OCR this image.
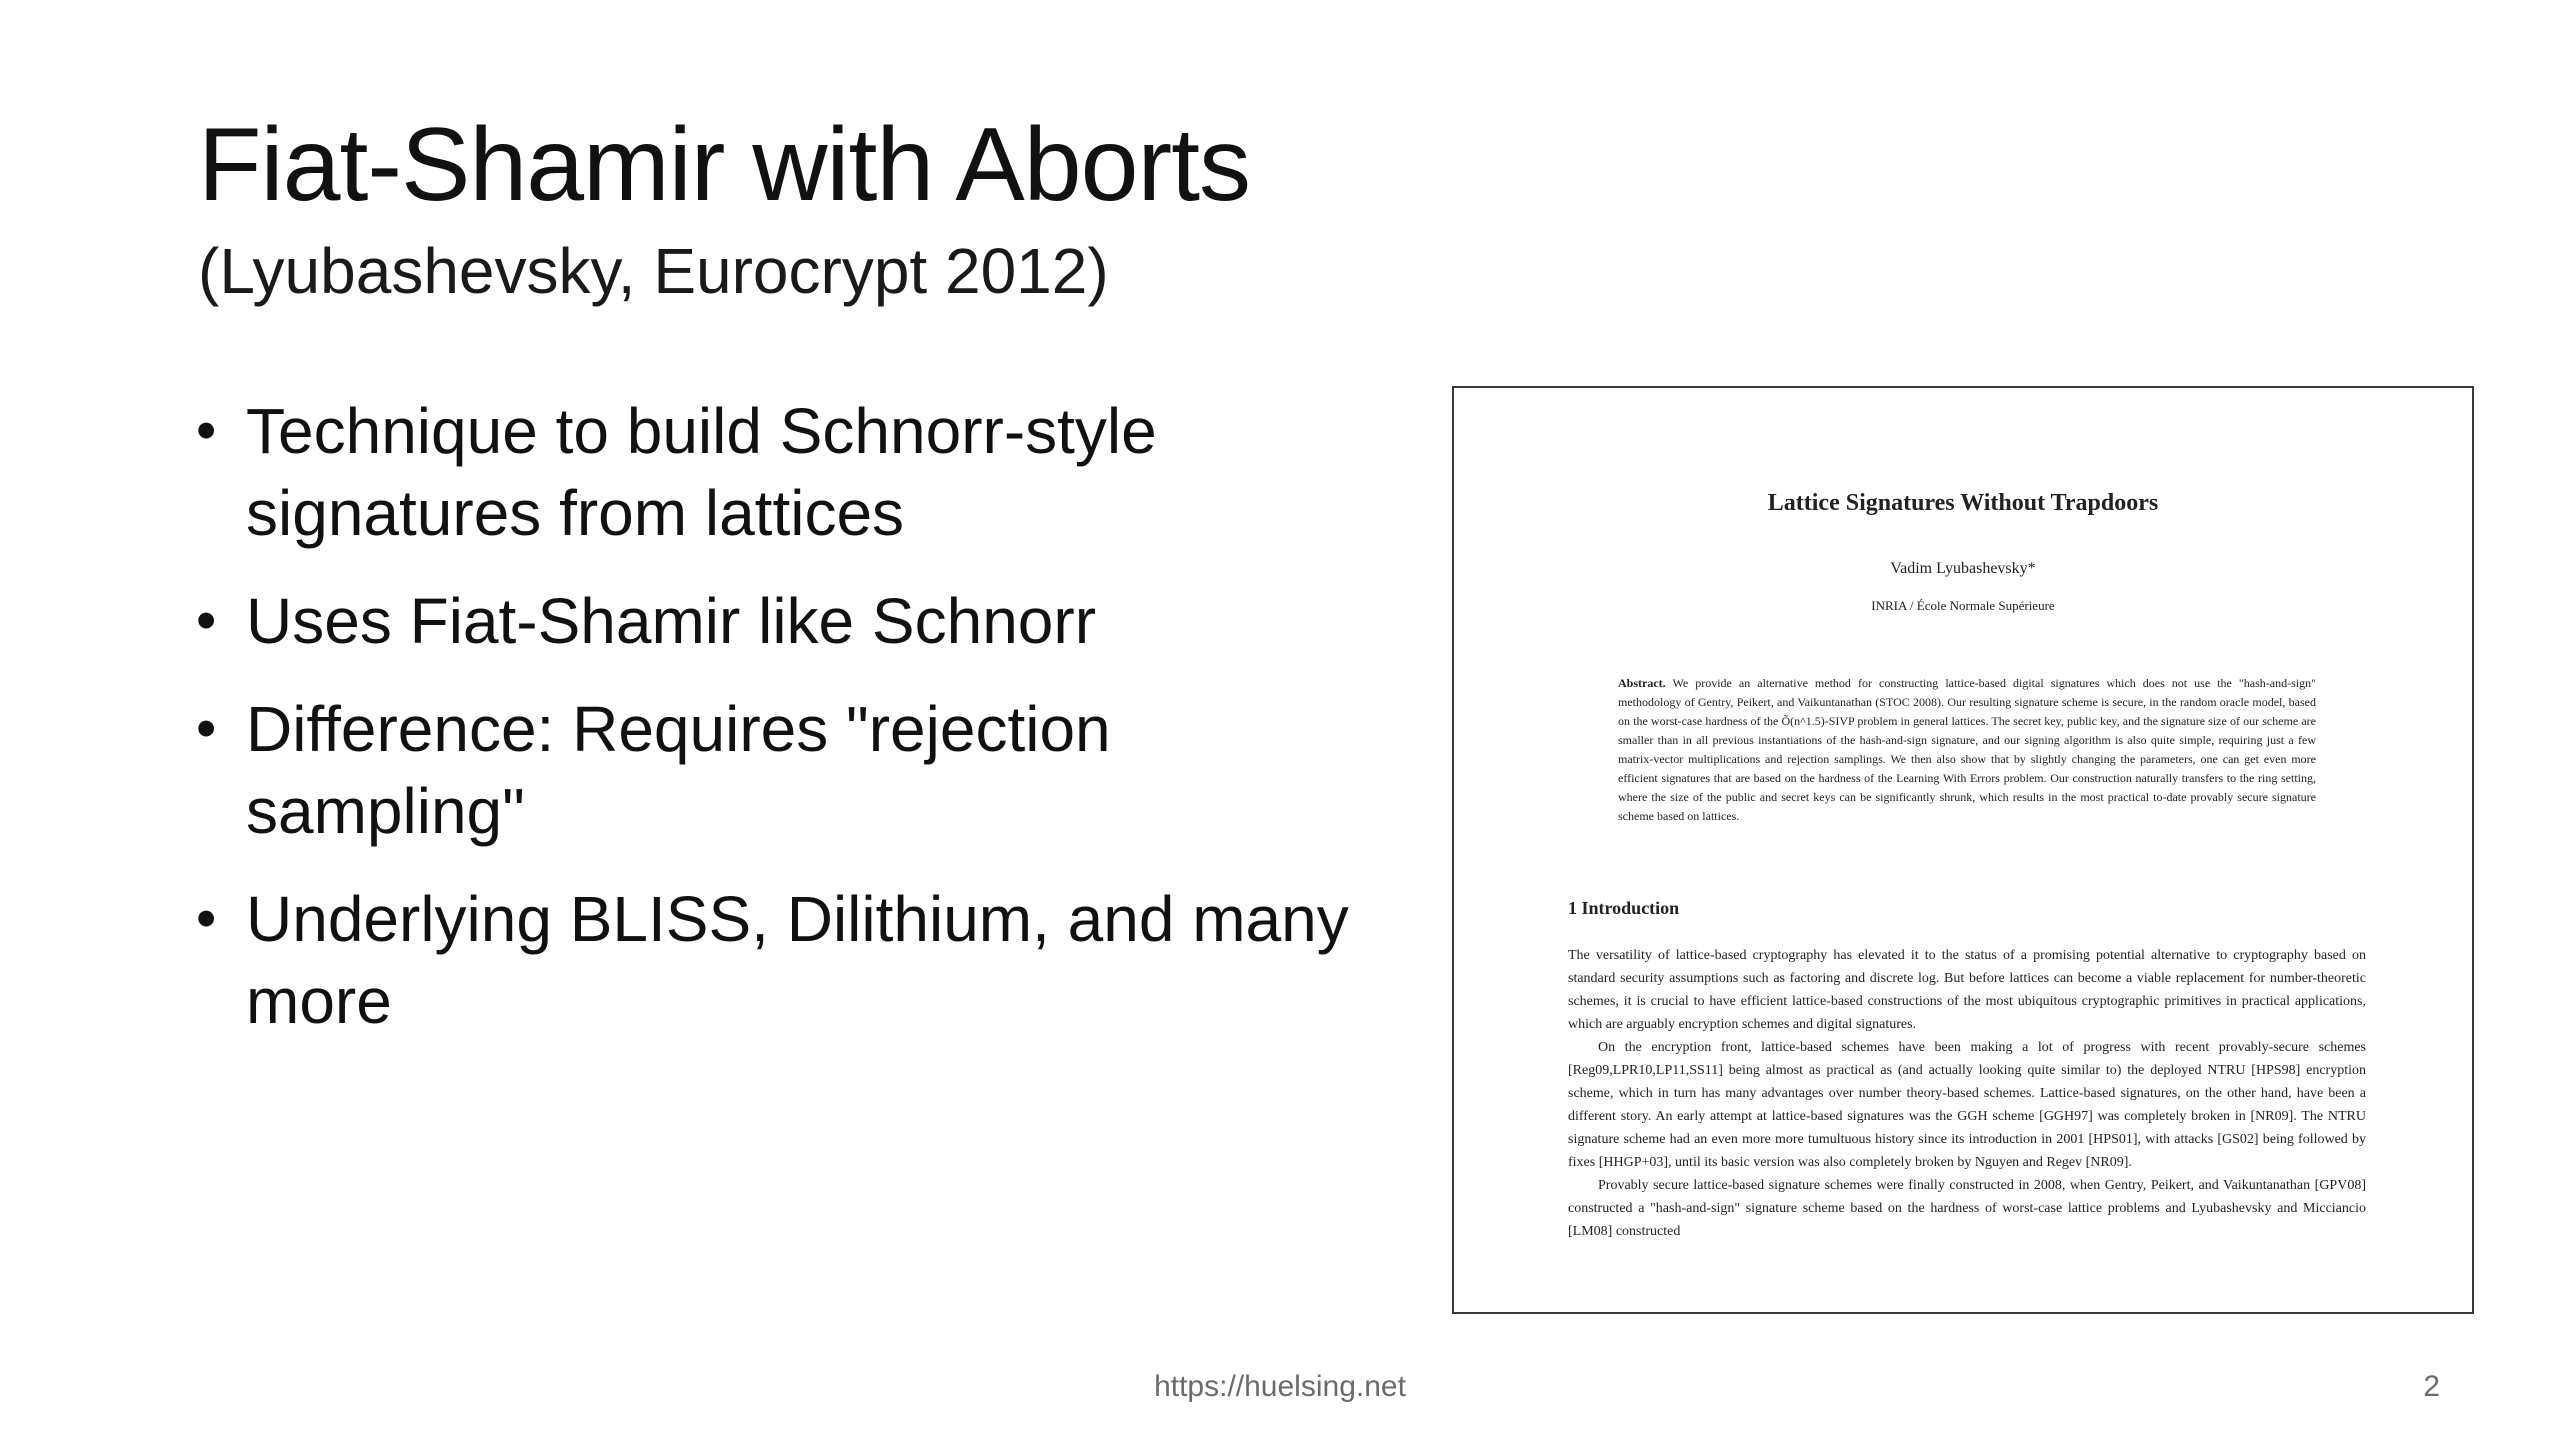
Fiat-Shamir with Aborts
(Lyubashevsky, Eurocrypt 2012)
• Technique to build Schnorr-style signatures from lattices
• Uses Fiat-Shamir like Schnorr
• Difference: Requires "rejection sampling"
• Underlying BLISS, Dilithium, and many more
Lattice Signatures Without Trapdoors
Vadim Lyubashevsky*
INRIA / École Normale Supérieure
Abstract. We provide an alternative method for constructing lattice-based digital signatures which does not use the "hash-and-sign" methodology of Gentry, Peikert, and Vaikuntanathan (STOC 2008). Our resulting signature scheme is secure, in the random oracle model, based on the worst-case hardness of the Õ(n^1.5)-SIVP problem in general lattices. The secret key, public key, and the signature size of our scheme are smaller than in all previous instantiations of the hash-and-sign signature, and our signing algorithm is also quite simple, requiring just a few matrix-vector multiplications and rejection samplings. We then also show that by slightly changing the parameters, one can get even more efficient signatures that are based on the hardness of the Learning With Errors problem. Our construction naturally transfers to the ring setting, where the size of the public and secret keys can be significantly shrunk, which results in the most practical to-date provably secure signature scheme based on lattices.
1 Introduction

The versatility of lattice-based cryptography has elevated it to the status of a promising potential alternative to cryptography based on standard security assumptions such as factoring and discrete log. But before lattices can become a viable replacement for number-theoretic schemes, it is crucial to have efficient lattice-based constructions of the most ubiquitous cryptographic primitives in practical applications, which are arguably encryption schemes and digital signatures.

On the encryption front, lattice-based schemes have been making a lot of progress with recent provably-secure schemes [Reg09,LPR10,LP11,SS11] being almost as practical as (and actually looking quite similar to) the deployed NTRU [HPS98] encryption scheme, which in turn has many advantages over number theory-based schemes. Lattice-based signatures, on the other hand, have been a different story. An early attempt at lattice-based signatures was the GGH scheme [GGH97] was completely broken in [NR09]. The NTRU signature scheme had an even more more tumultuous history since its introduction in 2001 [HPS01], with attacks [GS02] being followed by fixes [HHGP+03], until its basic version was also completely broken by Nguyen and Regev [NR09].

Provably secure lattice-based signature schemes were finally constructed in 2008, when Gentry, Peikert, and Vaikuntanathan [GPV08] constructed a "hash-and-sign" signature scheme based on the hardness of worst-case lattice problems and Lyubashevsky and Micciancio [LM08] constructed

https://huelsing.net	2
